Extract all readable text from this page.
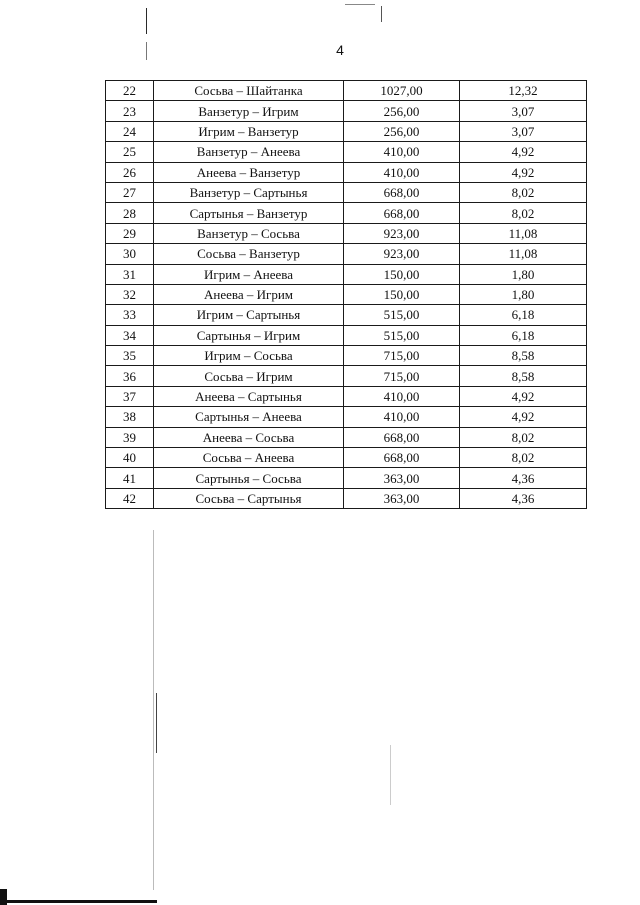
4
22	Сосьва – Шайтанка	1027,00	12,32
23	Ванзетур – Игрим	256,00	3,07
24	Игрим – Ванзетур	256,00	3,07
25	Ванзетур – Анеева	410,00	4,92
26	Анеева – Ванзетур	410,00	4,92
27	Ванзетур – Сартынья	668,00	8,02
28	Сартынья – Ванзетур	668,00	8,02
29	Ванзетур – Сосьва	923,00	11,08
30	Сосьва – Ванзетур	923,00	11,08
31	Игрим – Анеева	150,00	1,80
32	Анеева – Игрим	150,00	1,80
33	Игрим – Сартынья	515,00	6,18
34	Сартынья – Игрим	515,00	6,18
35	Игрим – Сосьва	715,00	8,58
36	Сосьва – Игрим	715,00	8,58
37	Анеева – Сартынья	410,00	4,92
38	Сартынья – Анеева	410,00	4,92
39	Анеева – Сосьва	668,00	8,02
40	Сосьва – Анеева	668,00	8,02
41	Сартынья – Сосьва	363,00	4,36
42	Сосьва – Сартынья	363,00	4,36
